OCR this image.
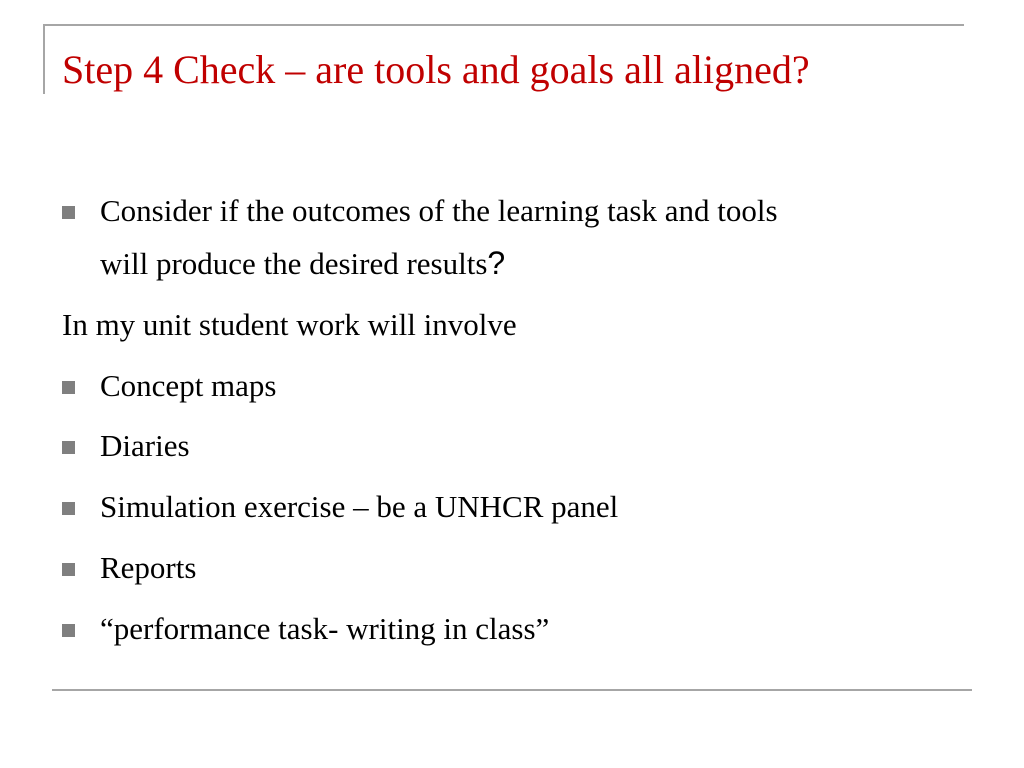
Step 4 Check – are tools and goals all aligned?
Consider if the outcomes of the learning task and tools
will produce the desired results?
In my unit student work will involve
Concept maps
Diaries
Simulation exercise – be a UNHCR panel
Reports
“performance task- writing in class”
